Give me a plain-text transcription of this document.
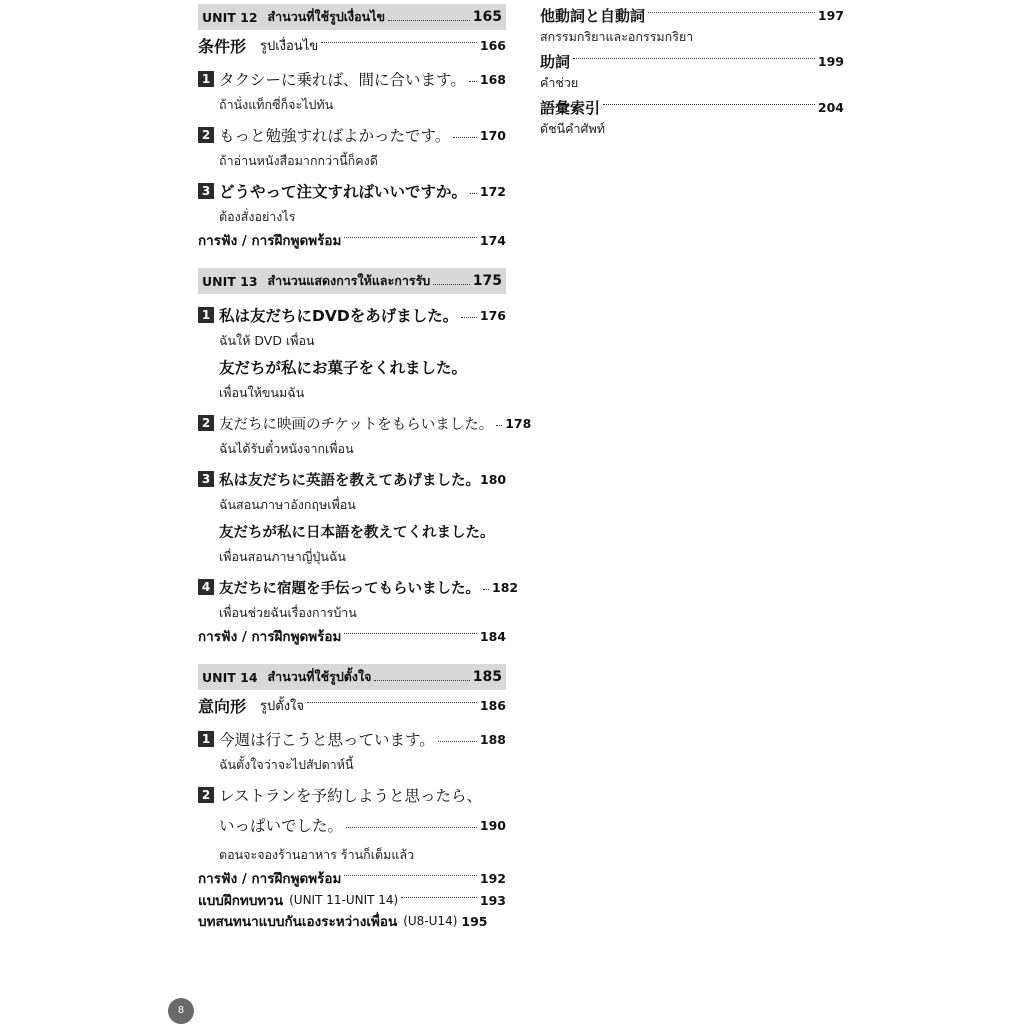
UNIT 12 สำนวนที่ใช้รูปเงื่อนไข	165
条件形 รูปเงื่อนไข	166
1 タクシーに乗れば、間に合います。 168
ถ้านั่งแท็กซี่ก็จะไปทัน
2 もっと勉強すればよかったです。 170
ถ้าอ่านหนังสือมากกว่านี้ก็คงดี
3 どうやって注文すればいいですか。 172
ต้องสั่งอย่างไร
การฟัง / การฝึกพูดพร้อม	174
UNIT 13 สำนวนแสดงการให้และการรับ	175
1 私は友だちにDVDをあげました。 176
ฉันให้ DVD เพื่อน
友だちが私にお菓子をくれました。
เพื่อนให้ขนมฉัน
2 友だちに映画のチケットをもらいました。 178
ฉันได้รับตั๋วหนังจากเพื่อน
3 私は友だちに英語を教えてあげました。 180
ฉันสอนภาษาอังกฤษเพื่อน
友だちが私に日本語を教えてくれました。
เพื่อนสอนภาษาญี่ปุ่นฉัน
4 友だちに宿題を手伝ってもらいました。 182
เพื่อนช่วยฉันเรื่องการบ้าน
การฟัง / การฝึกพูดพร้อม	184
UNIT 14 สำนวนที่ใช้รูปตั้งใจ	185
意向形 รูปตั้งใจ	186
1 今週は行こうと思っています。	188
ฉันตั้งใจว่าจะไปสัปดาห์นี้
2 レストランを予約しようと思ったら、
いっぱいでした。	190
ตอนจะจองร้านอาหาร ร้านก็เต็มแล้ว
การฟัง / การฝึกพูดพร้อม	192
แบบฝึกทบทวน (UNIT 11-UNIT 14)	193
บทสนทนาแบบกันเองระหว่างเพื่อน (U8-U14) 195
他動詞と自動詞	197
สกรรมกริยาและอกรรมกริยา
助詞	199
คำช่วย
語彙索引	204
ดัชนีคำศัพท์
8
